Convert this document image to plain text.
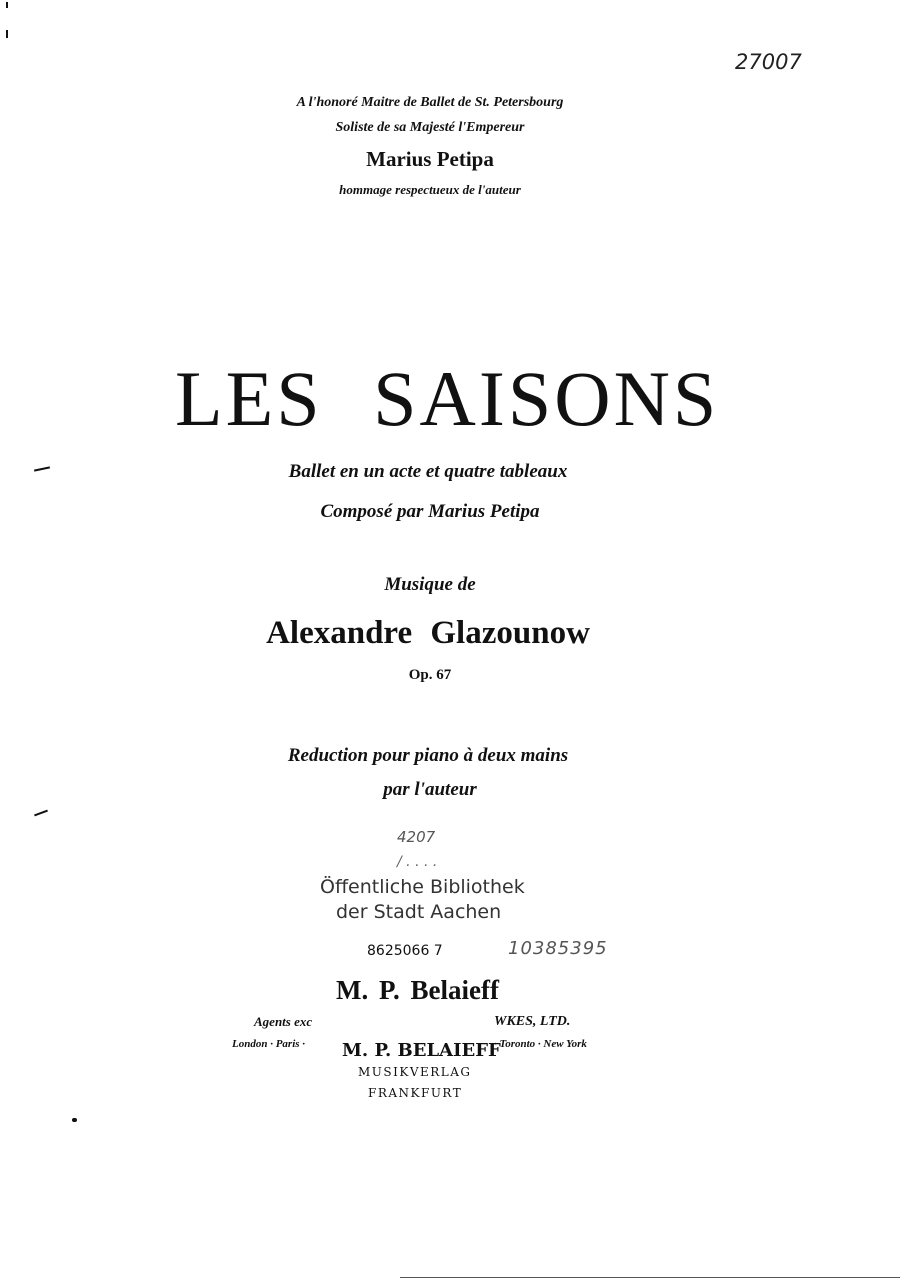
27007
A l'honoré Maitre de Ballet de St. Petersbourg
Soliste de sa Majesté l'Empereur
Marius Petipa
hommage respectueux de l'auteur
LES SAISONS
Ballet en un acte et quatre tableaux
Composé par Marius Petipa
Musique de
Alexandre Glazounow
Op. 67
Reduction pour piano à deux mains
par l'auteur
4207
/ . . . .
Öffentliche Bibliothek
der Stadt Aachen
8625066 7	10385395
M. P. Belaieff
Agents exc	WKES, LTD.
London · Paris · M. P. BELAIEFF
· Toronto · New York
MUSIKVERLAG
FRANKFURT
